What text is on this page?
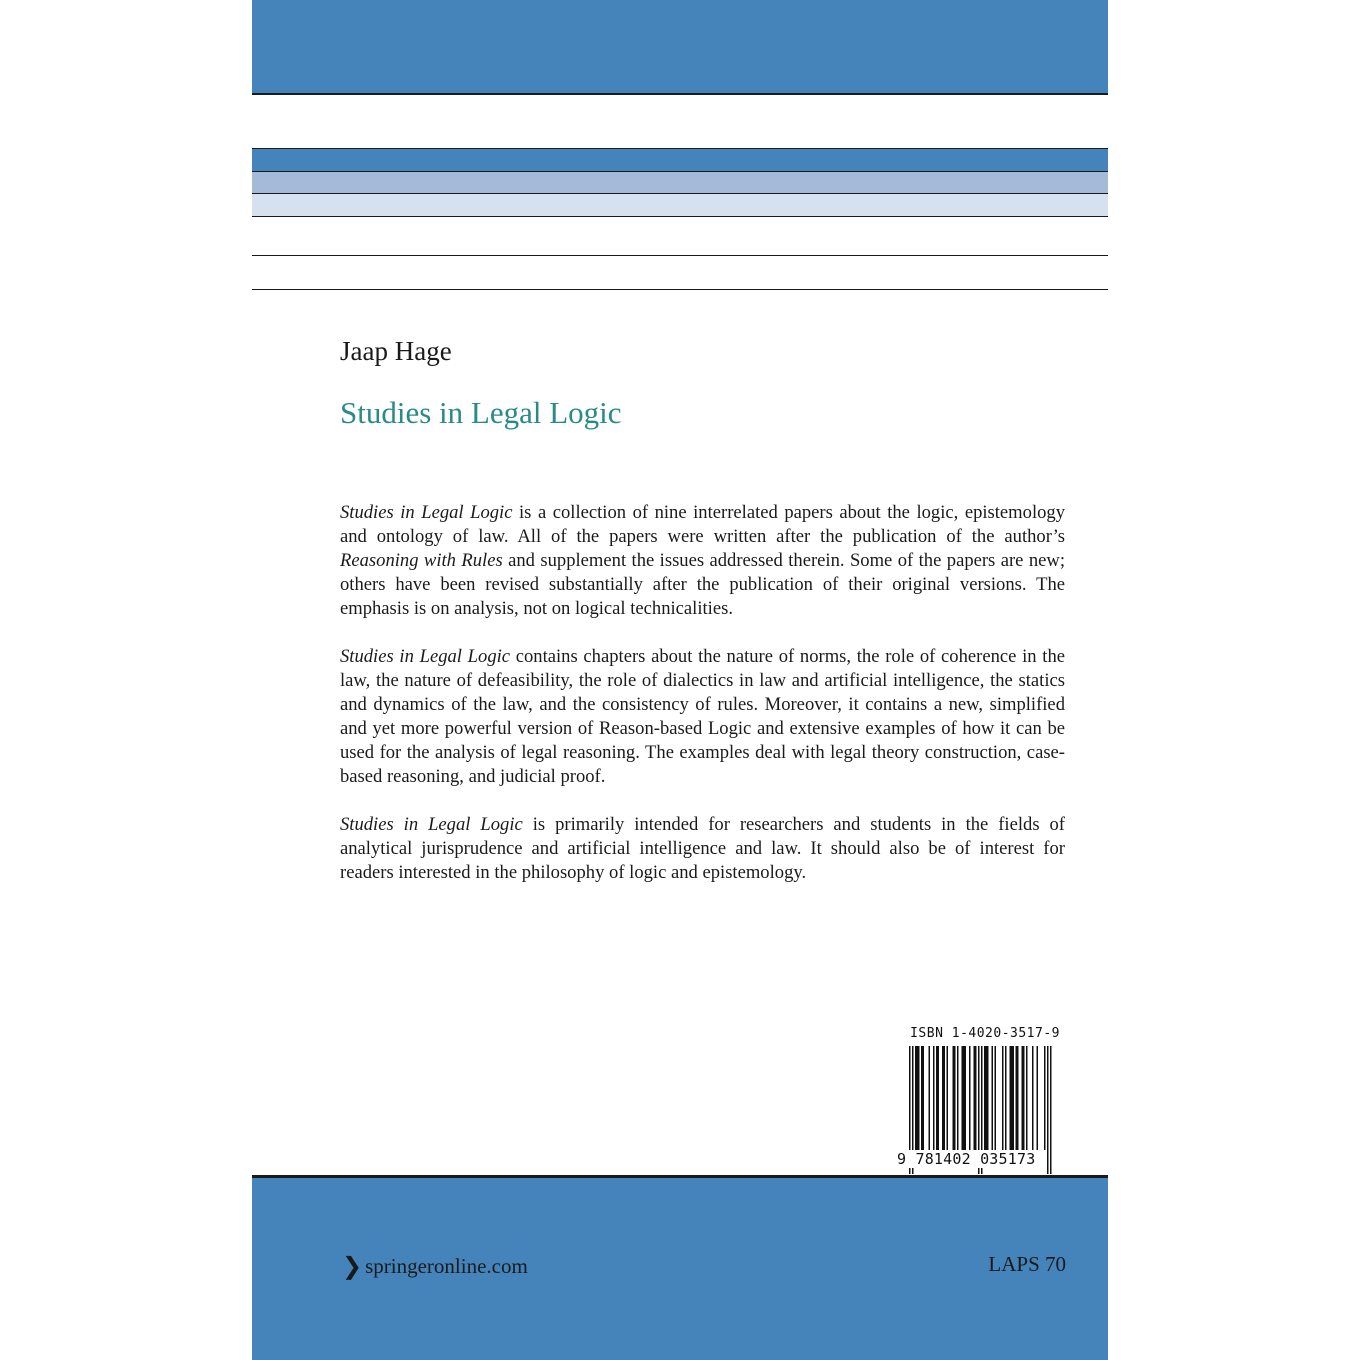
Jaap Hage
Studies in Legal Logic

Studies in Legal Logic is a collection of nine interrelated papers about the logic, epistemology and ontology of law. All of the papers were written after the publication of the author’s Reasoning with Rules and supplement the issues addressed therein. Some of the papers are new; others have been revised substantially after the publication of their original versions. The emphasis is on analysis, not on logical technicalities.

Studies in Legal Logic contains chapters about the nature of norms, the role of coherence in the law, the nature of defeasibility, the role of dialectics in law and artificial intelligence, the statics and dynamics of the law, and the consistency of rules. Moreover, it contains a new, simplified and yet more powerful version of Reason-based Logic and extensive examples of how it can be used for the analysis of legal reasoning. The examples deal with legal theory construction, case-based reasoning, and judicial proof.

Studies in Legal Logic is primarily intended for researchers and students in the fields of analytical jurisprudence and artificial intelligence and law. It should also be of interest for readers interested in the philosophy of logic and epistemology.

ISBN 1-4020-3517-9
9 781402 035173
❯ springeronline.com	LAPS 70
